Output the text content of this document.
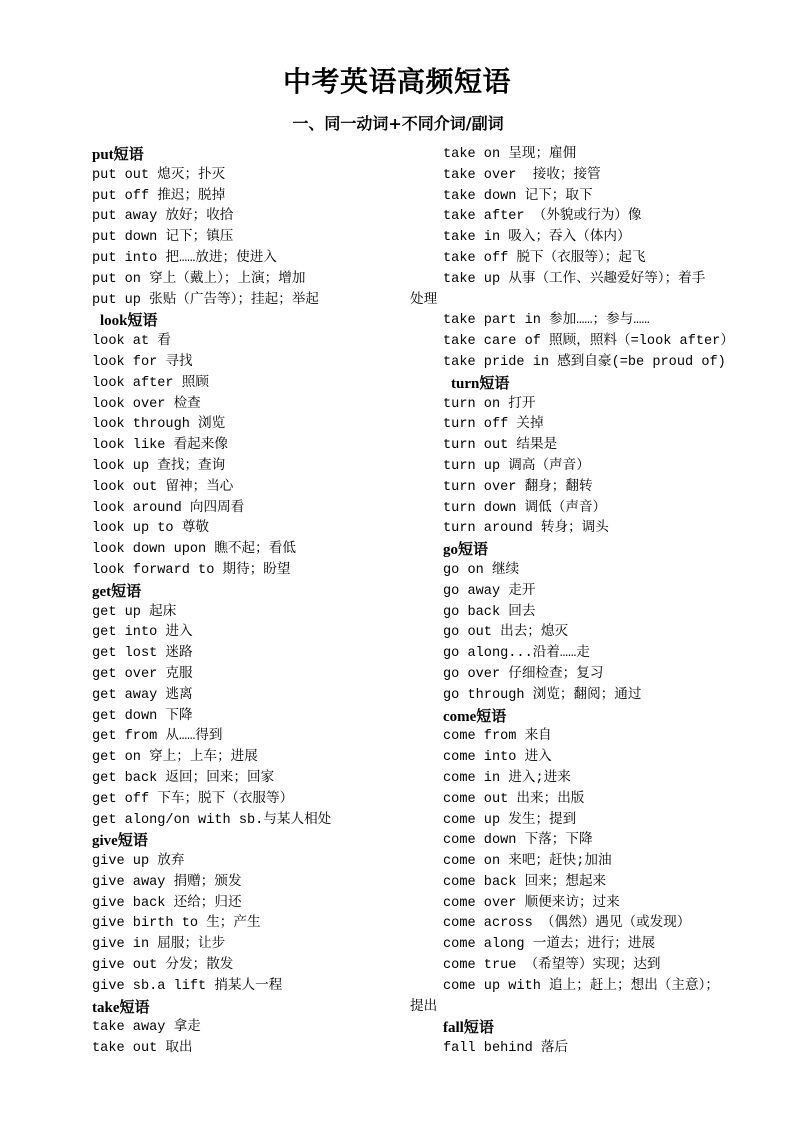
中考英语高频短语
一、同一动词+不同介词/副词
put短语
put out 熄灭；扑灭
put off 推迟；脱掉
put away 放好；收拾
put down 记下；镇压
put into 把……放进；使进入
put on 穿上（戴上）；上演；增加
put up 张贴（广告等）；挂起；举起
look短语
look at 看
look for 寻找
look after 照顾
look over 检查
look through 浏览
look like 看起来像
look up 查找；查询
look out 留神；当心
look around 向四周看
look up to 尊敬
look down upon 瞧不起；看低
look forward to 期待；盼望
get短语
get up 起床
get into 进入
get lost 迷路
get over 克服
get away 逃离
get down 下降
get from 从……得到
get on 穿上；上车；进展
get back 返回；回来；回家
get off 下车；脱下（衣服等）
get along/on with sb.与某人相处
give短语
give up 放弃
give away 捐赠；颁发
give back 还给；归还
give birth to 生；产生
give in 屈服；让步
give out 分发；散发
give sb.a lift 捎某人一程
take短语
take away 拿走
take out 取出
take on 呈现；雇佣
take over  接收；接管
take down 记下；取下
take after （外貌或行为）像
take in 吸入；吞入（体内）
take off 脱下（衣服等）；起飞
take up 从事（工作、兴趣爱好等）；着手
处理
take part in 参加……；参与……
take care of 照顾，照料（=look after）
take pride in 感到自豪(=be proud of)
turn短语
turn on 打开
turn off 关掉
turn out 结果是
turn up 调高（声音）
turn over 翻身；翻转
turn down 调低（声音）
turn around 转身；调头
go短语
go on 继续
go away 走开
go back 回去
go out 出去；熄灭
go along...沿着……走
go over 仔细检查；复习
go through 浏览；翻阅；通过
come短语
come from 来自
come into 进入
come in 进入;进来
come out 出来；出版
come up 发生；提到
come down 下落；下降
come on 来吧；赶快;加油
come back 回来；想起来
come over 顺便来访；过来
come across （偶然）遇见（或发现）
come along 一道去；进行；进展
come true （希望等）实现；达到
come up with 追上；赶上；想出（主意）；
提出
fall短语
fall behind 落后
